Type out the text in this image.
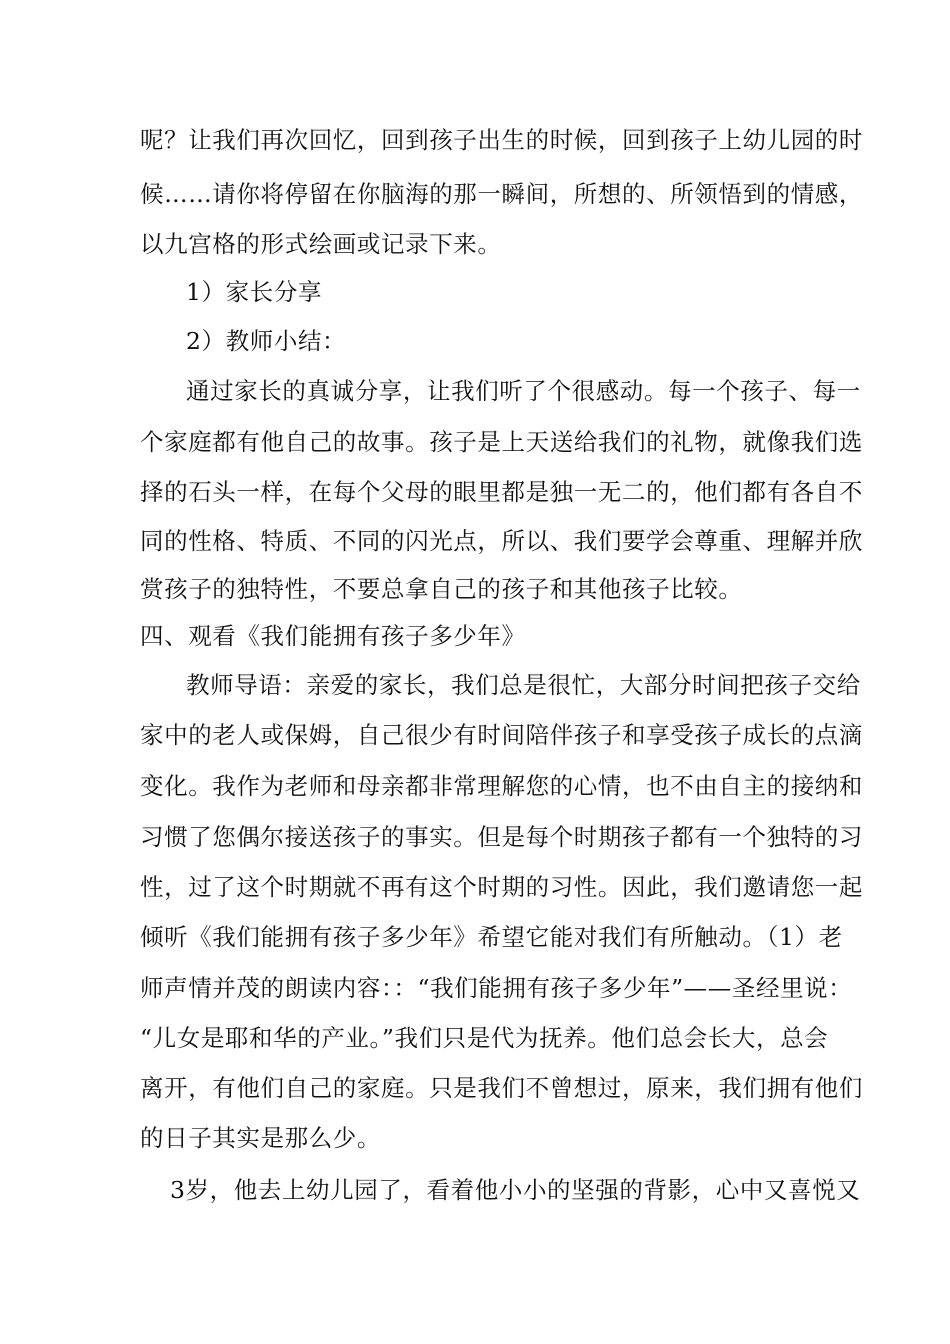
呢？让我们再次回忆，回到孩子出生的时候，回到孩子上幼儿园的时
候……请你将停留在你脑海的那一瞬间，所想的、所领悟到的情感，
以九宫格的形式绘画或记录下来。
1）家长分享
2）教师小结：
通过家长的真诚分享，让我们听了个很感动。每一个孩子、每一
个家庭都有他自己的故事。孩子是上天送给我们的礼物，就像我们选
择的石头一样，在每个父母的眼里都是独一无二的，他们都有各自不
同的性格、特质、不同的闪光点，所以、我们要学会尊重、理解并欣
赏孩子的独特性，不要总拿自己的孩子和其他孩子比较。
四、观看《我们能拥有孩子多少年》
教师导语：亲爱的家长，我们总是很忙，大部分时间把孩子交给
家中的老人或保姆，自己很少有时间陪伴孩子和享受孩子成长的点滴
变化。我作为老师和母亲都非常理解您的心情，也不由自主的接纳和
习惯了您偶尔接送孩子的事实。但是每个时期孩子都有一个独特的习
性，过了这个时期就不再有这个时期的习性。因此，我们邀请您一起
倾听《我们能拥有孩子多少年》希望它能对我们有所触动。（1）老
师声情并茂的朗读内容：：“我们能拥有孩子多少年”——圣经里说：
“儿女是耶和华的产业。”我们只是代为抚养。他们总会长大，总会
离开，有他们自己的家庭。只是我们不曾想过，原来，我们拥有他们
的日子其实是那么少。
3岁，他去上幼儿园了，看着他小小的坚强的背影，心中又喜悦又
